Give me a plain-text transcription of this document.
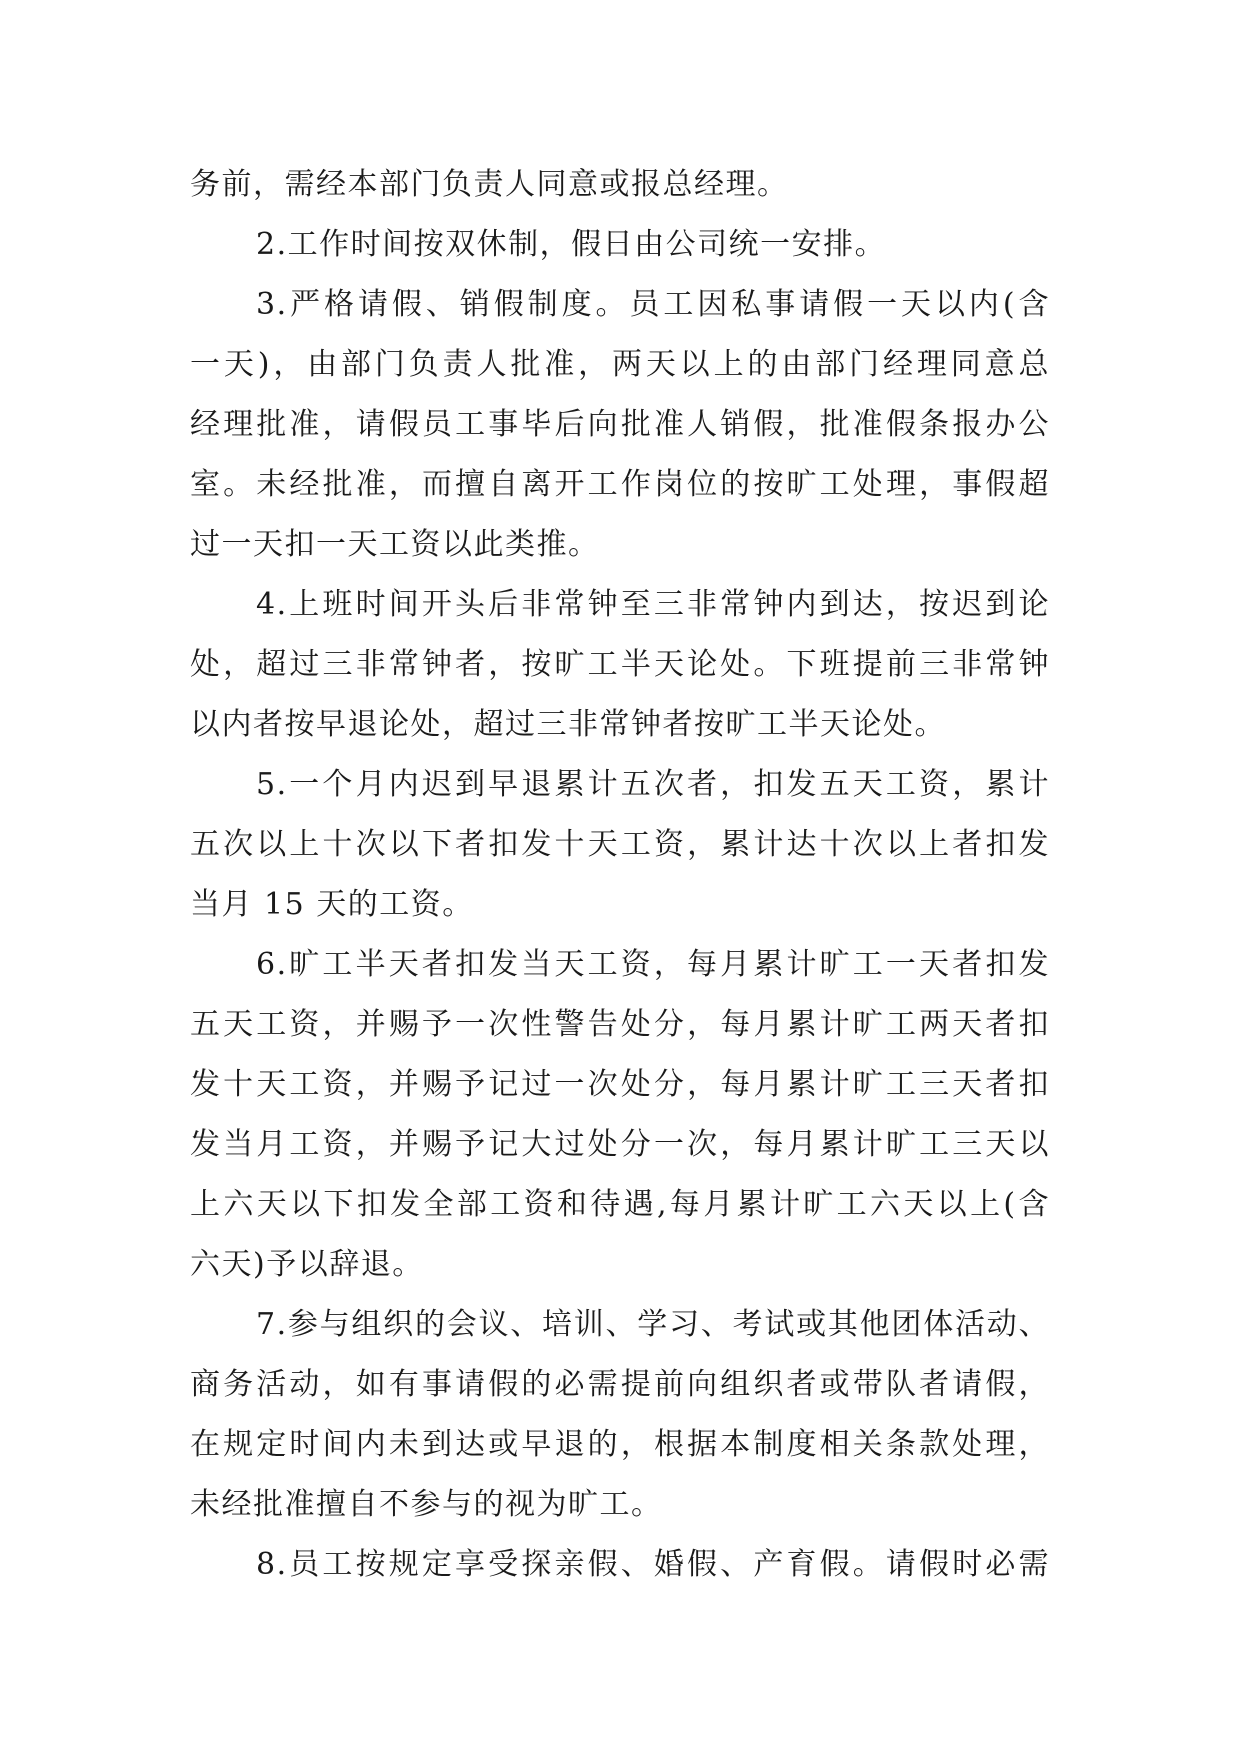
务前，需经本部门负责人同意或报总经理。
2.工作时间按双休制，假日由公司统一安排。
3.严格请假、销假制度。员工因私事请假一天以内(含
一天)，由部门负责人批准，两天以上的由部门经理同意总
经理批准，请假员工事毕后向批准人销假，批准假条报办公
室。未经批准，而擅自离开工作岗位的按旷工处理，事假超
过一天扣一天工资以此类推。
4.上班时间开头后非常钟至三非常钟内到达，按迟到论
处，超过三非常钟者，按旷工半天论处。下班提前三非常钟
以内者按早退论处，超过三非常钟者按旷工半天论处。
5.一个月内迟到早退累计五次者，扣发五天工资，累计
五次以上十次以下者扣发十天工资，累计达十次以上者扣发
当月 15 天的工资。
6.旷工半天者扣发当天工资，每月累计旷工一天者扣发
五天工资，并赐予一次性警告处分，每月累计旷工两天者扣
发十天工资，并赐予记过一次处分，每月累计旷工三天者扣
发当月工资，并赐予记大过处分一次，每月累计旷工三天以
上六天以下扣发全部工资和待遇,每月累计旷工六天以上(含
六天)予以辞退。
7.参与组织的会议、培训、学习、考试或其他团体活动、
商务活动，如有事请假的必需提前向组织者或带队者请假，
在规定时间内未到达或早退的，根据本制度相关条款处理，
未经批准擅自不参与的视为旷工。
8.员工按规定享受探亲假、婚假、产育假。请假时必需
